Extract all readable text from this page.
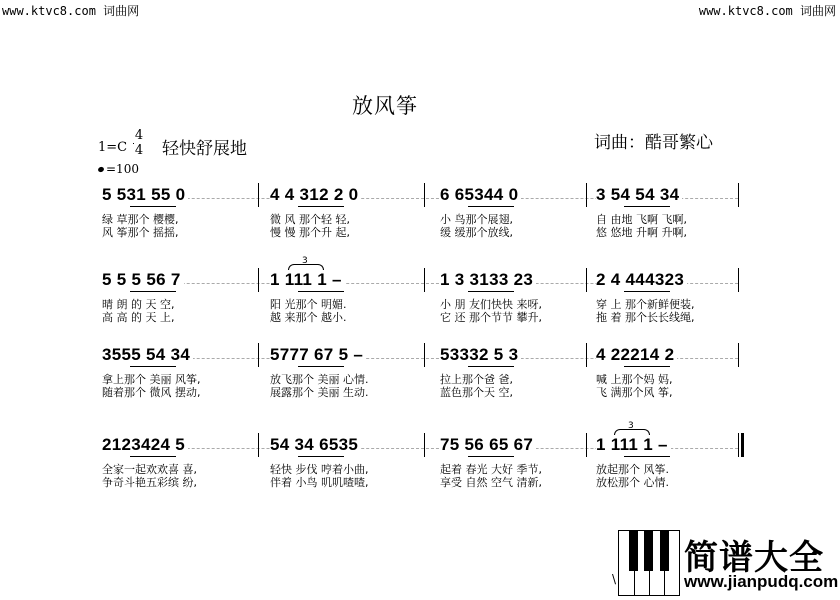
www.ktvc8.com 词曲网	www.ktvc8.com 词曲网
放风筝
1=C
4
4 轻快舒展地	词曲：酷哥繁心
=100
5 531 55 0
绿 草那个 樱樱,
风 筝那个 摇摇,
4 4 312 2 0
微 风 那个轻 轻,
慢 慢 那个升 起,
6 65344 0
小 鸟那个展翅,
缓 缓那个放线,
3 54 54 34
自 由地 飞啊 飞啊,
悠 悠地 升啊 升啊,
5 5 5 56 7
晴 朗 的 天 空,
高 高 的 天 上,
1 111 1 –
阳 光那个 明媚.
越 来那个 越小.
1 3 3133 23
小 朋 友们快快 来呀,
它 还 那个节节 攀升,
2 4 444323
穿 上 那个新鲜便装,
拖 着 那个长长线绳,
3555 54 34
拿上那个 美丽 风筝,
随着那个 微风 摆动,
5777 67 5 –
放飞那个 美丽 心情.
展露那个 美丽 生动.
53332 5 3
拉上那个爸 爸,
蓝色那个天 空,
4 22214 2
喊 上那个妈 妈,
飞 满那个风 筝,
2123424 5
全家一起欢欢喜 喜,
争奇斗艳五彩缤 纷,
54 34 6535
轻快 步伐 哼着小曲,
伴着 小鸟 叽叽喳喳,
75 56 65 67
起着 春光 大好 季节,
享受 自然 空气 清新,
1 111 1 –
放起那个 风筝.
放松那个 心情.
3
3
简谱大全
www.jianpudq.com
\
